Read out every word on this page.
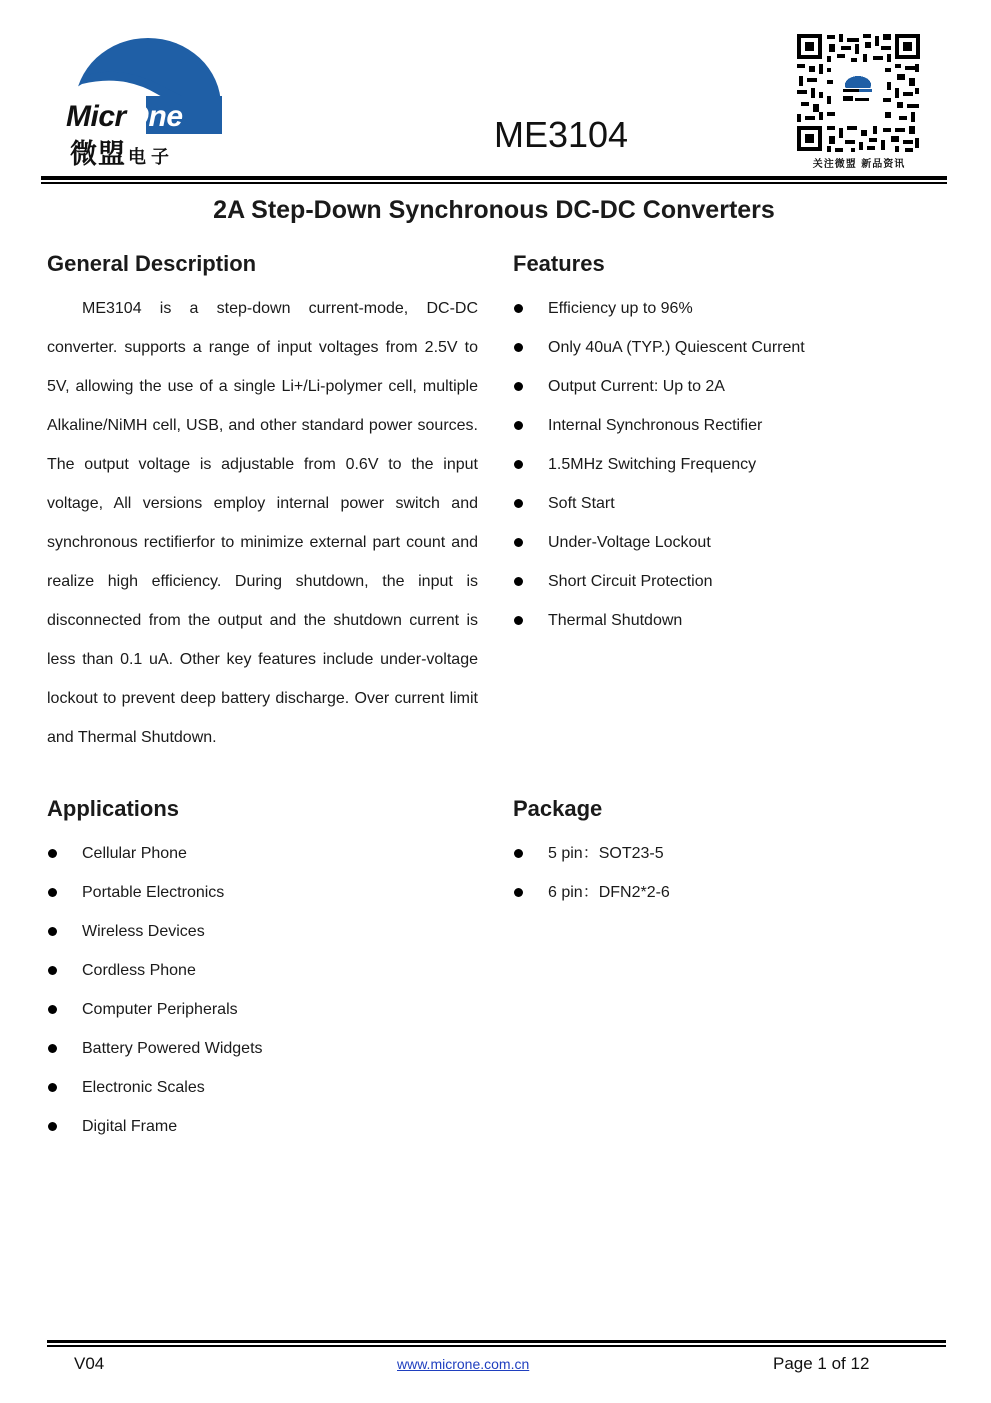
MicrOne
微盟 电子
ME3104
关注微盟 新品资讯
2A Step-Down Synchronous DC-DC Converters
General Description

ME3104 is a step-down current-mode, DC-DC converter. supports a range of input voltages from 2.5V to 5V, allowing the use of a single Li+/Li-polymer cell, multiple Alkaline/NiMH cell, USB, and other standard power sources. The output voltage is adjustable from 0.6V to the input voltage, All versions employ internal power switch and synchronous rectifierfor to minimize external part count and realize high efficiency. During shutdown, the input is disconnected from the output and the shutdown current is less than 0.1 uA. Other key features include under-voltage lockout to prevent deep battery discharge. Over current limit and Thermal Shutdown.

Features
Efficiency up to 96%
Only 40uA (TYP.) Quiescent Current
Output Current: Up to 2A
Internal Synchronous Rectifier
1.5MHz Switching Frequency
Soft Start
Under-Voltage Lockout
Short Circuit Protection
Thermal Shutdown
Applications
Cellular Phone
Portable Electronics
Wireless Devices
Cordless Phone
Computer Peripherals
Battery Powered Widgets
Electronic Scales
Digital Frame
Package
5 pin：SOT23-5
6 pin：DFN2*2-6
V04	www.microne.com.cn	Page 1 of 12
